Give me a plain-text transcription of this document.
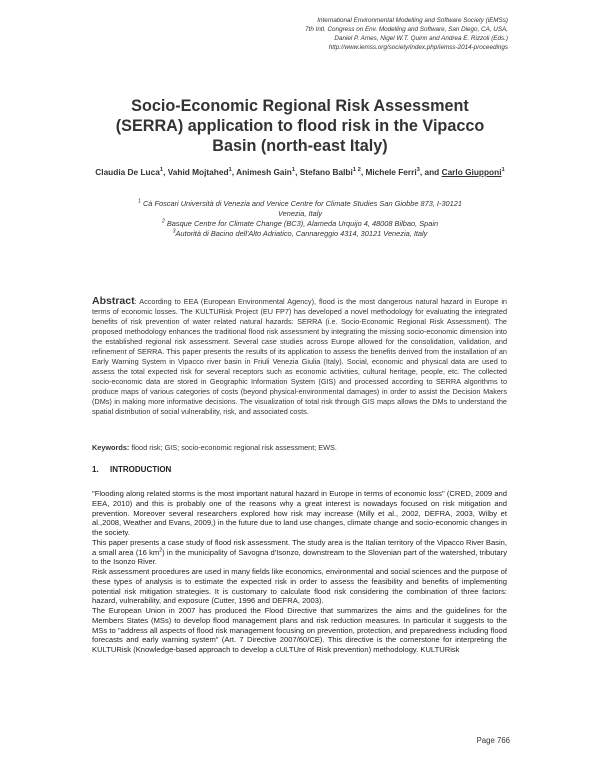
International Environmental Modelling and Software Society (iEMSs)
7th Intl. Congress on Env. Modelling and Software, San Diego, CA, USA,
Daniel P. Ames, Nigel W.T. Quinn and Andrea E. Rizzoli (Eds.)
http://www.iemss.org/society/index.php/iemss-2014-proceedings
Socio-Economic Regional Risk Assessment
(SERRA) application to flood risk in the Vipacco
Basin (north-east Italy)
Claudia De Luca$^1$, Vahid Mojtahed$^1$, Animesh Gain$^1$, Stefano Balbi$^{1 2}$, Michele Ferri$^3$, and Carlo Giupponi$^1$
$^1$ Cà Foscari Università di Venezia and Venice Centre for Climate Studies San Giobbe 873, I-30121
Venezia, Italy
$^2$ Basque Centre for Climate Change (BC3), Alameda Urquijo 4, 48008 Bilbao, Spain
$^3$Autorità di Bacino dell'Alto Adriatico, Cannareggio 4314, 30121 Venezia, Italy
Abstract: According to EEA (European Environmental Agency), flood is the most dangerous natural hazard in Europe in terms of economic losses. The KULTURisk Project (EU FP7) has developed a novel methodology for evaluating the integrated benefits of risk prevention of water related natural hazards: SERRA (i.e. Socio-Economic Regional Risk Assessment). The proposed methodology enhances the traditional flood risk assessment by integrating the missing socio-economic dimension into the established regional risk assessment. Several case studies across Europe allowed for the consolidation, validation, and refinement of SERRA. This paper presents the results of its application to assess the benefits derived from the installation of an Early Warning System in Vipacco river basin in Friuli Venezia Giulia (Italy). Social, economic and physical data are used to assess the total expected risk for several receptors such as economic activities, cultural heritage, people, etc. The collected socio-economic data are stored in Geographic Information System (GIS) and processed according to SERRA algorithms to produce maps of various categories of costs (beyond physical-environmental damages) in order to assist the Decision Makers (DMs) in making more informative decisions. The visualization of total risk through GIS maps allows the DMs to understand the spatial distribution of social vulnerability, risk, and associated costs.
Keywords: flood risk; GIS; socio-economic regional risk assessment; EWS.
1. INTRODUCTION

"Flooding along related storms is the most important natural hazard in Europe in terms of economic loss" (CRED, 2009 and EEA, 2010) and this is probably one of the reasons why a great interest is nowadays focused on risk mitigation and prevention. Moreover several researchers explored how risk may increase (Milly et al., 2002, DEFRA, 2003, Wilby et al.,2008, Weather and Evans, 2009,) in the future due to land use changes, climate change and socio-economic changes in the society.

This paper presents a case study of flood risk assessment. The study area is the Italian territory of the Vipacco River Basin, a small area (16 $km^2$) in the municipality of Savogna d'Isonzo, downstream to the Slovenian part of the watershed, tributary to the Isonzo River.

Risk assessment procedures are used in many fields like economics, environmental and social sciences and the purpose of these types of analysis is to estimate the expected risk in order to assess the feasibility and benefits of implementing potential risk mitigation strategies. It is customary to calculate flood risk considering the combination of three factors: hazard, vulnerability, and exposure (Cutter, 1996 and DEFRA, 2003).

The European Union in 2007 has produced the Flood Directive that summarizes the aims and the guidelines for the Members States (MSs) to develop flood management plans and risk reduction measures. In particular it suggests to the MSs to "address all aspects of flood risk management focusing on prevention, protection, and preparedness including flood forecasts and early warning system" (Art. 7 Directive 2007/60/CE). This directive is the cornerstone for interpreting the KULTURisk (Knowledge-based approach to develop a cULTUre of Risk prevention) methodology. KULTURisk

Page 766
